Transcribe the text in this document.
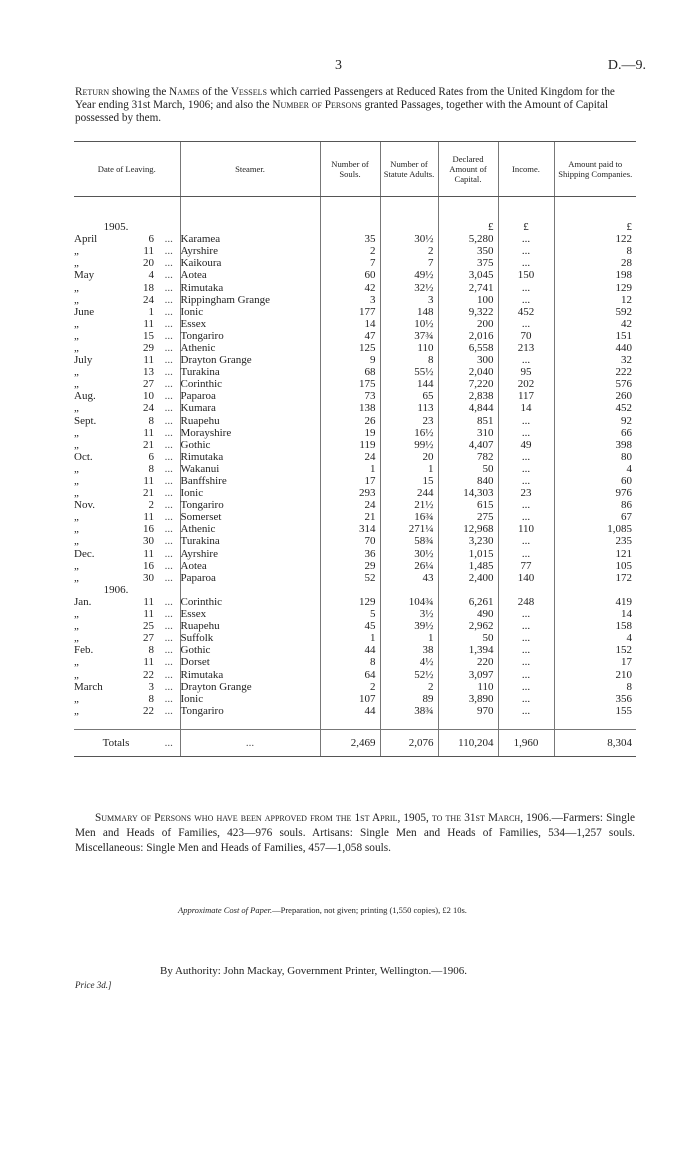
3	D.—9.
Return showing the Names of the Vessels which carried Passengers at Reduced Rates from the United Kingdom for the Year ending 31st March, 1906; and also the Number of Persons granted Passages, together with the Amount of Capital possessed by them.
Date of Leaving.			Steamer.	Number of Souls.	Number of Statute Adults.	Declared Amount of Capital.	Income.	Amount paid to Shipping Companies.

1905.						£	£	£
April	6	...	Karamea	35	30½	5,280	...	122
„	11	...	Ayrshire	2	2	350	...	8
„	20	...	Kaikoura	7	7	375	...	28
May	4	...	Aotea	60	49½	3,045	150	198
„	18	...	Rimutaka	42	32½	2,741	...	129
„	24	...	Rippingham Grange	3	3	100	...	12
June	1	...	Ionic	177	148	9,322	452	592
„	11	...	Essex	14	10½	200	...	42
„	15	...	Tongariro	47	37¾	2,016	70	151
„	29	...	Athenic	125	110	6,558	213	440
July	11	...	Drayton Grange	9	8	300	...	32
„	13	...	Turakina	68	55½	2,040	95	222
„	27	...	Corinthic	175	144	7,220	202	576
Aug.	10	...	Paparoa	73	65	2,838	117	260
„	24	...	Kumara	138	113	4,844	14	452
Sept.	8	...	Ruapehu	26	23	851	...	92
„	11	...	Morayshire	19	16½	310	...	66
„	21	...	Gothic	119	99½	4,407	49	398
Oct.	6	...	Rimutaka	24	20	782	...	80
„	8	...	Wakanui	1	1	50	...	4
„	11	...	Banffshire	17	15	840	...	60
„	21	...	Ionic	293	244	14,303	23	976
Nov.	2	...	Tongariro	24	21½	615	...	86
„	11	...	Somerset	21	16¾	275	...	67
„	16	...	Athenic	314	271¼	12,968	110	1,085
„	30	...	Turakina	70	58¾	3,230	...	235
Dec.	11	...	Ayrshire	36	30½	1,015	...	121
„	16	...	Aotea	29	26¼	1,485	77	105
„	30	...	Paparoa	52	43	2,400	140	172
1906.								
Jan.	11	...	Corinthic	129	104¾	6,261	248	419
„	11	...	Essex	5	3½	490	...	14
„	25	...	Ruapehu	45	39½	2,962	...	158
„	27	...	Suffolk	1	1	50	...	4
Feb.	8	...	Gothic	44	38	1,394	...	152
„	11	...	Dorset	8	4½	220	...	17
„	22	...	Rimutaka	64	52½	3,097	...	210
March	3	...	Drayton Grange	2	2	110	...	8
„	8	...	Ionic	107	89	3,890	...	356
„	22	...	Tongariro	44	38¾	970	...	155

Totals		...	...	2,469	2,076	110,204	1,960	8,304
Summary of Persons who have been approved from the 1st April, 1905, to the 31st March, 1906.—Farmers: Single Men and Heads of Families, 423—976 souls. Artisans: Single Men and Heads of Families, 534—1,257 souls. Miscellaneous: Single Men and Heads of Families, 457—1,058 souls.
Approximate Cost of Paper.—Preparation, not given; printing (1,550 copies), £2 10s.
By Authority: John Mackay, Government Printer, Wellington.—1906.
Price 3d.]
